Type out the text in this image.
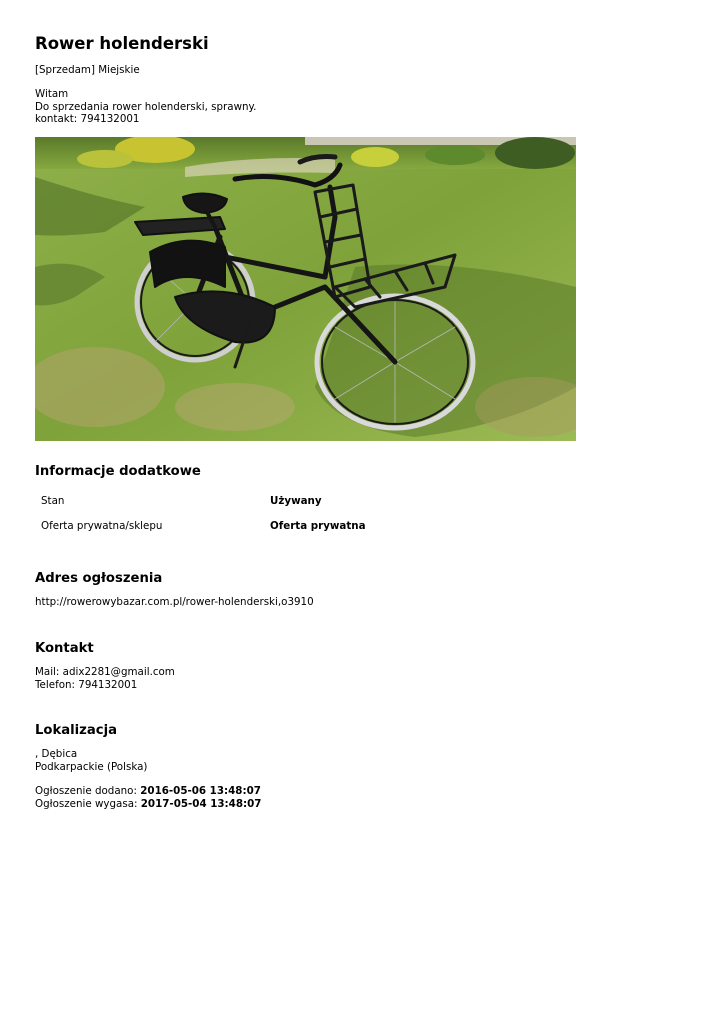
Rower holenderski
[Sprzedam] Miejskie
Witam
Do sprzedania rower holenderski, sprawny.
kontakt: 794132001
Informacje dodatkowe
Stan	Używany
Oferta prywatna/sklepu	Oferta prywatna
Adres ogłoszenia
http://rowerowybazar.com.pl/rower-holenderski,o3910
Kontakt
Mail: adix2281@gmail.com
Telefon: 794132001
Lokalizacja
, Dębica
Podkarpackie (Polska)
Ogłoszenie dodano: 2016-05-06 13:48:07
Ogłoszenie wygasa: 2017-05-04 13:48:07
